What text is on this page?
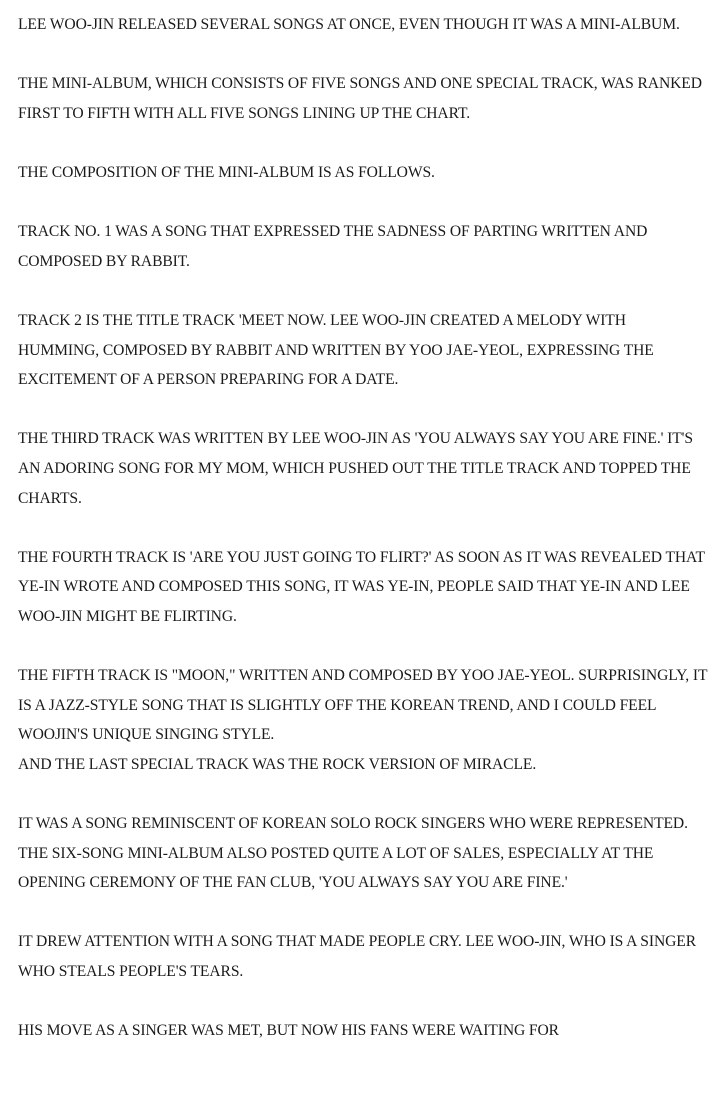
LEE WOO-JIN RELEASED SEVERAL SONGS AT ONCE, EVEN THOUGH IT WAS A MINI-ALBUM.

THE MINI-ALBUM, WHICH CONSISTS OF FIVE SONGS AND ONE SPECIAL TRACK, WAS RANKED FIRST TO FIFTH WITH ALL FIVE SONGS LINING UP THE CHART.

THE COMPOSITION OF THE MINI-ALBUM IS AS FOLLOWS.

TRACK NO. 1 WAS A SONG THAT EXPRESSED THE SADNESS OF PARTING WRITTEN AND COMPOSED BY RABBIT.

TRACK 2 IS THE TITLE TRACK 'MEET NOW. LEE WOO-JIN CREATED A MELODY WITH HUMMING, COMPOSED BY RABBIT AND WRITTEN BY YOO JAE-YEOL, EXPRESSING THE EXCITEMENT OF A PERSON PREPARING FOR A DATE.

THE THIRD TRACK WAS WRITTEN BY LEE WOO-JIN AS 'YOU ALWAYS SAY YOU ARE FINE.' IT'S AN ADORING SONG FOR MY MOM, WHICH PUSHED OUT THE TITLE TRACK AND TOPPED THE CHARTS.

THE FOURTH TRACK IS 'ARE YOU JUST GOING TO FLIRT?' AS SOON AS IT WAS REVEALED THAT YE-IN WROTE AND COMPOSED THIS SONG, IT WAS YE-IN, PEOPLE SAID THAT YE-IN AND LEE WOO-JIN MIGHT BE FLIRTING.

THE FIFTH TRACK IS "MOON," WRITTEN AND COMPOSED BY YOO JAE-YEOL. SURPRISINGLY, IT IS A JAZZ-STYLE SONG THAT IS SLIGHTLY OFF THE KOREAN TREND, AND I COULD FEEL WOOJIN'S UNIQUE SINGING STYLE.
AND THE LAST SPECIAL TRACK WAS THE ROCK VERSION OF MIRACLE.

IT WAS A SONG REMINISCENT OF KOREAN SOLO ROCK SINGERS WHO WERE REPRESENTED. THE SIX-SONG MINI-ALBUM ALSO POSTED QUITE A LOT OF SALES, ESPECIALLY AT THE OPENING CEREMONY OF THE FAN CLUB, 'YOU ALWAYS SAY YOU ARE FINE.'

IT DREW ATTENTION WITH A SONG THAT MADE PEOPLE CRY. LEE WOO-JIN, WHO IS A SINGER WHO STEALS PEOPLE'S TEARS.

HIS MOVE AS A SINGER WAS MET, BUT NOW HIS FANS WERE WAITING FOR
